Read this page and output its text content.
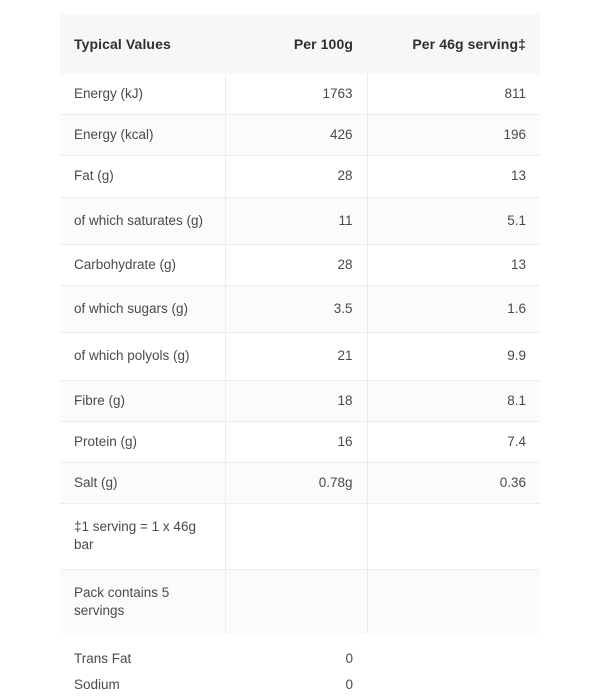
Typical Values	Per 100g	Per 46g serving‡
Energy (kJ)	1763	811
Energy (kcal)	426	196
Fat (g)	28	13
of which saturates (g)	11	5.1
Carbohydrate (g)	28	13
of which sugars (g)	3.5	1.6
of which polyols (g)	21	9.9
Fibre (g)	18	8.1
Protein (g)	16	7.4
Salt (g)	0.78g	0.36
‡1 serving = 1 x 46g bar		
Pack contains 5 servings		
Trans Fat	0	
Sodium	0	
